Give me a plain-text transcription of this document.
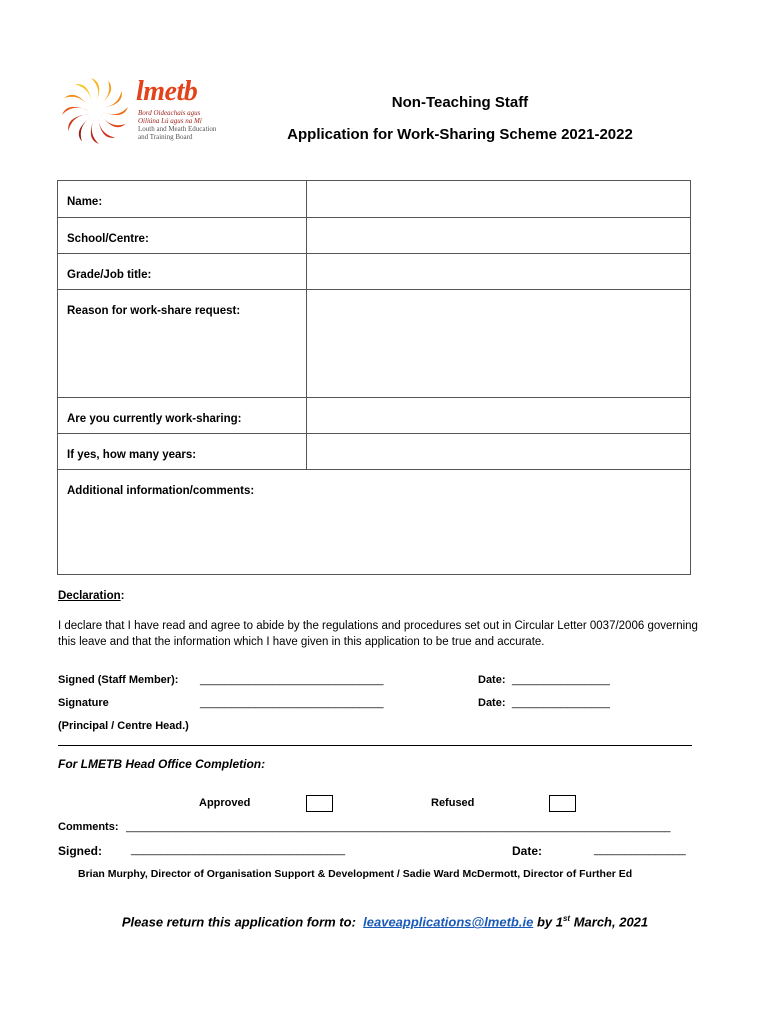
lmetb
Bord Oideachais agus
Oiliúna Lú agus na Mí
Louth and Meath Education
and Training Board
Non-Teaching Staff
Application for Work-Sharing Scheme 2021-2022
Name:	

School/Centre:	

Grade/Job title:	

Reason for work-share request:	

Are you currently work-sharing:	

If yes, how many years:	

Additional information/comments:	
Declaration:
I declare that I have read and agree to abide by the regulations and procedures set out in Circular Letter 0037/2006 governing this leave and that the information which I have given in this application to be true and accurate.
Signed (Staff Member): ______________________________	Date: ________________
Signature	______________________________	Date: ________________
(Principal / Centre Head.)
For LMETB Head Office Completion:
Approved	Refused
Comments: _________________________________________________________________________________________
Signed:	___________________________________	Date:	_______________
Brian Murphy, Director of Organisation Support & Development / Sadie Ward McDermott, Director of Further Ed
Please return this application form to: leaveapplications@lmetb.ie by 1st March, 2021
